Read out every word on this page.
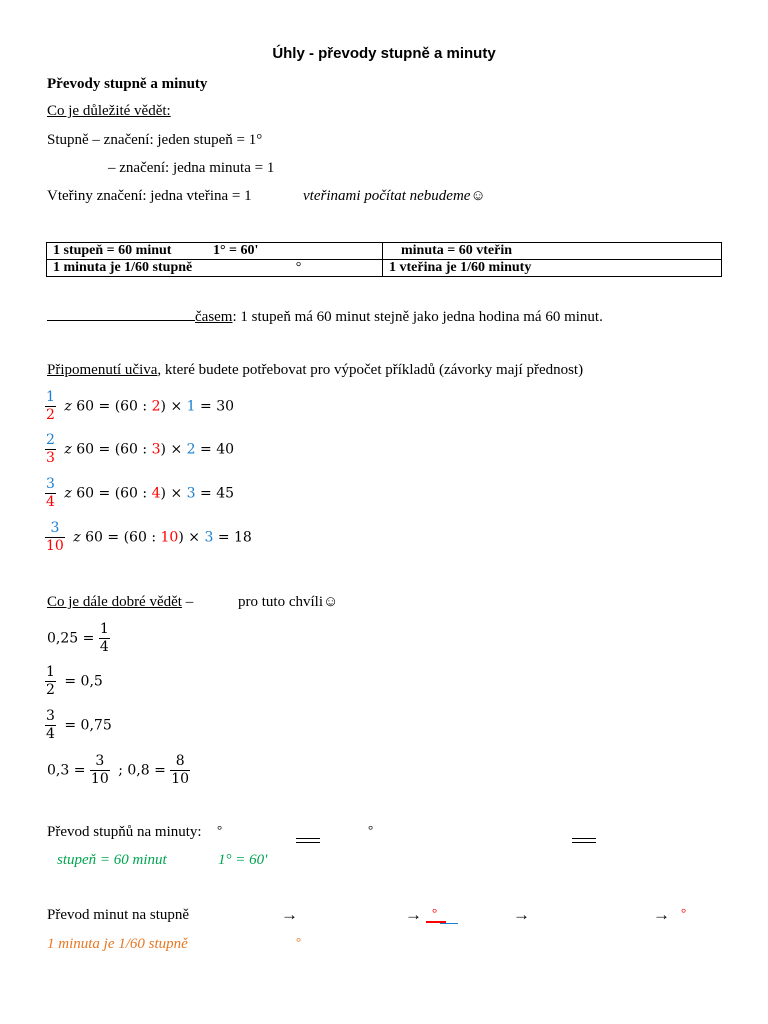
Úhly - převody stupně a minuty
Převody stupně a minuty
Co je důležité vědět:
Stupně – značení: jeden stupeň = 1°
– značení: jedna minuta = 1
Vteřiny značení: jedna vteřina = 1	vteřinami počítat nebudeme☺
1 stupeň = 60 minut 1° = 60'	minuta = 60 vteřin
1 minuta je 1/60 stupně °	1 vteřina je 1/60 minuty
časem: 1 stupeň má 60 minut stejně jako jedna hodina má 60 minut.
Připomenutí učiva, které budete potřebovat pro výpočet příkladů (závorky mají přednost)
$\frac{1}{2}$ z 60 = (60 : 2) × 1 = 30
$\frac{2}{3}$ z 60 = (60 : 3) × 2 = 40
$\frac{3}{4}$ z 60 = (60 : 4) × 3 = 45
$\frac{3}{10}$ z 60 = (60 : 10) × 3 = 18
Co je dále dobré vědět –	pro tuto chvíli☺
$0,25 = \frac{1}{4}$
$\frac{1}{2} = 0,5$
$\frac{3}{4} = 0,75$
$0,3 = \frac{3}{10}$ ; $0,8 = \frac{8}{10}$
Převod stupňů na minuty: °	°
stupeň = 60 minut	1° = 60'
Převod minut na stupně	→	→ °	→	→ °
1 minuta je 1/60 stupně	°
